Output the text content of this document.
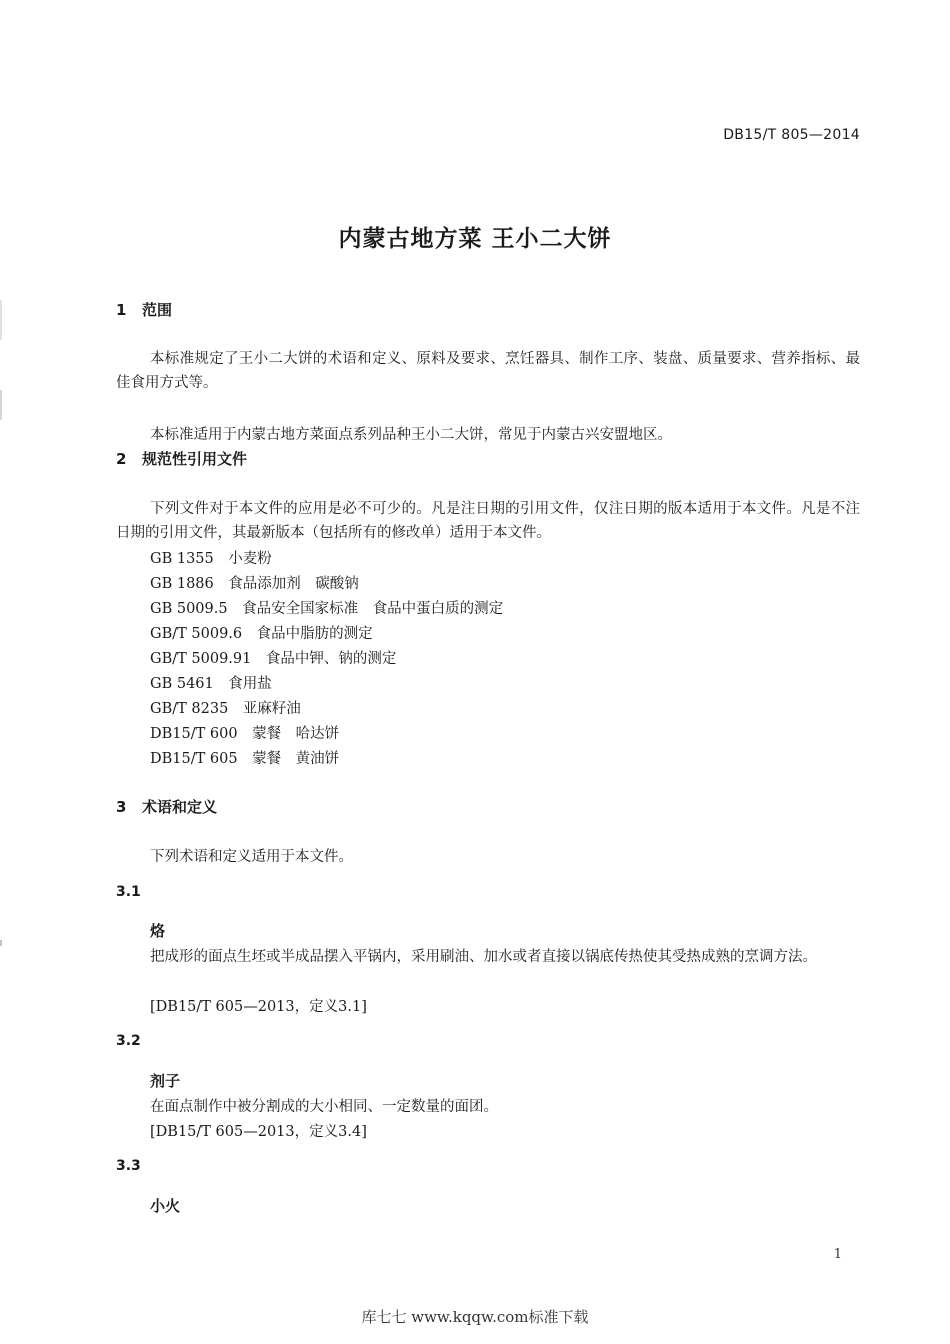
DB15/T 805—2014
内蒙古地方菜 王小二大饼
1 范围
本标准规定了王小二大饼的术语和定义、原料及要求、烹饪器具、制作工序、装盘、质量要求、营养指标、最佳食用方式等。
本标准适用于内蒙古地方菜面点系列品种王小二大饼，常见于内蒙古兴安盟地区。
2 规范性引用文件
下列文件对于本文件的应用是必不可少的。凡是注日期的引用文件，仅注日期的版本适用于本文件。凡是不注日期的引用文件，其最新版本（包括所有的修改单）适用于本文件。
GB 1355　小麦粉
GB 1886　食品添加剂　碳酸钠
GB 5009.5　食品安全国家标准　食品中蛋白质的测定
GB/T 5009.6　食品中脂肪的测定
GB/T 5009.91　食品中钾、钠的测定
GB 5461　食用盐
GB/T 8235　亚麻籽油
DB15/T 600　蒙餐　哈达饼
DB15/T 605　蒙餐　黄油饼
3 术语和定义
下列术语和定义适用于本文件。
3.1
烙
把成形的面点生坯或半成品摆入平锅内，采用刷油、加水或者直接以锅底传热使其受热成熟的烹调方法。
[DB15/T 605—2013，定义3.1]
3.2
剂子
在面点制作中被分割成的大小相同、一定数量的面团。
[DB15/T 605—2013，定义3.4]
3.3
小火
1
库七七 www.kqqw.com标准下载
